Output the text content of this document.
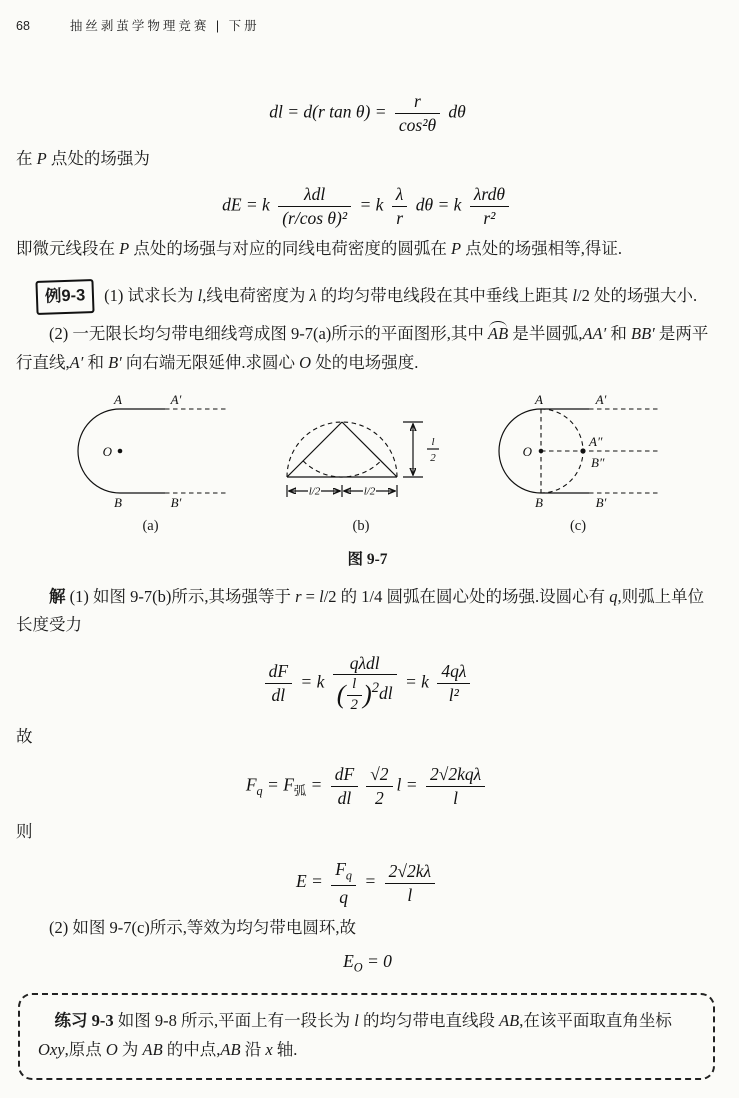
68	抽丝剥茧学物理竞赛 | 下册
dl = d(r $\tan \theta) = \frac{r}{\text{cos²θ}}$ dθ

在 P 点处的场强为

dE = k $\frac{\text{λdl}}{\text{(r/cos θ)²}} = k \frac{\lambda}{r}$ dθ = k $\frac{\text{λrdθ}}{\text{r²}}$

即微元线段在 P 点处的场强与对应的同线电荷密度的圆弧在 P 点处的场强相等,得证.

例9-3 (1) 试求长为 l,线电荷密度为 λ 的均匀带电线段在其中垂线上距其 l/2 处的场强大小.

(2) 一无限长均匀带电细线弯成图 9-7(a)所示的平面图形,其中 AB 是半圆弧,AA′ 和 BB′ 是两平行直线,A′ 和 B′ 向右端无限延伸.求圆心 O 处的电场强度.

A	A′
O
B	B′
(a)
l/2	l/2
l
2
(b)
A	A′
O
A″
B″
B	B′
(c)
图 9-7

解 (1) 如图 9-7(b)所示,其场强等于 r = l/2 的 1/4 圆弧在圆心处的场强.设圆心有 q,则弧上单位长度受力

$\frac{dF}{dl} = k \frac{\text{qλdl}}{( \frac{l}{2} )^2dl} = k \frac{4q\lambda}{\text{l²}}$

故

$F_q = F_弧 = \frac{dF}{dl} \frac{√2}{2}$ $l = \frac{\text{2√2kqλ}}{l}$

则

$E = \frac{F_q}{q} = \frac{2√2k\lambda}{l}$

(2) 如图 9-7(c)所示,等效为均匀带电圆环,故

$E_O = 0$

练习 9-3 如图 9-8 所示,平面上有一段长为 l 的均匀带电直线段 AB,在该平面取直角坐标 Oxy,原点 O 为 AB 的中点,AB 沿 x 轴.
